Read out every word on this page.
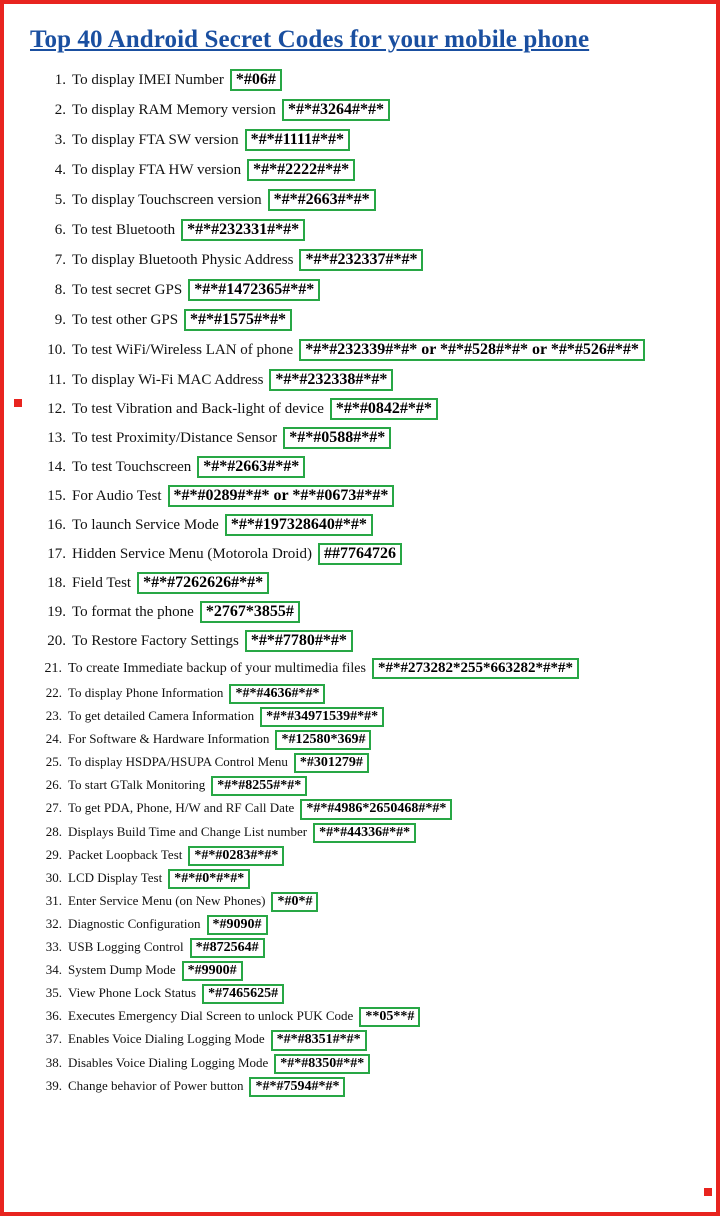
Top 40 Android Secret Codes for your mobile phone
1. To display IMEI Number *#06#
2. To display RAM Memory version *#*#3264#*#*
3. To display FTA SW version *#*#1111#*#*
4. To display FTA HW version *#*#2222#*#*
5. To display Touchscreen version *#*#2663#*#*
6. To test Bluetooth *#*#232331#*#*
7. To display Bluetooth Physic Address *#*#232337#*#*
8. To test secret GPS *#*#1472365#*#*
9. To test other GPS *#*#1575#*#*
10. To test WiFi/Wireless LAN of phone *#*#232339#*#* or *#*#528#*#* or *#*#526#*#*
11. To display Wi-Fi MAC Address *#*#232338#*#*
12. To test Vibration and Back-light of device *#*#0842#*#*
13. To test Proximity/Distance Sensor *#*#0588#*#*
14. To test Touchscreen *#*#2663#*#*
15. For Audio Test *#*#0289#*#* or *#*#0673#*#*
16. To launch Service Mode *#*#197328640#*#*
17. Hidden Service Menu (Motorola Droid) ##7764726
18. Field Test *#*#7262626#*#*
19. To format the phone *2767*3855#
20. To Restore Factory Settings *#*#7780#*#*
21. To create Immediate backup of your multimedia files *#*#273282*255*663282*#*#*
22. To display Phone Information *#*#4636#*#*
23. To get detailed Camera Information *#*#34971539#*#*
24. For Software & Hardware Information *#12580*369#
25. To display HSDPA/HSUPA Control Menu *#301279#
26. To start GTalk Monitoring *#*#8255#*#*
27. To get PDA, Phone, H/W and RF Call Date *#*#4986*2650468#*#*
28. Displays Build Time and Change List number *#*#44336#*#*
29. Packet Loopback Test *#*#0283#*#*
30. LCD Display Test *#*#0*#*#*
31. Enter Service Menu (on New Phones) *#0*#
32. Diagnostic Configuration *#9090#
33. USB Logging Control *#872564#
34. System Dump Mode *#9900#
35. View Phone Lock Status *#7465625#
36. Executes Emergency Dial Screen to unlock PUK Code **05**#
37. Enables Voice Dialing Logging Mode *#*#8351#*#*
38. Disables Voice Dialing Logging Mode *#*#8350#*#*
39. Change behavior of Power button *#*#7594#*#*
